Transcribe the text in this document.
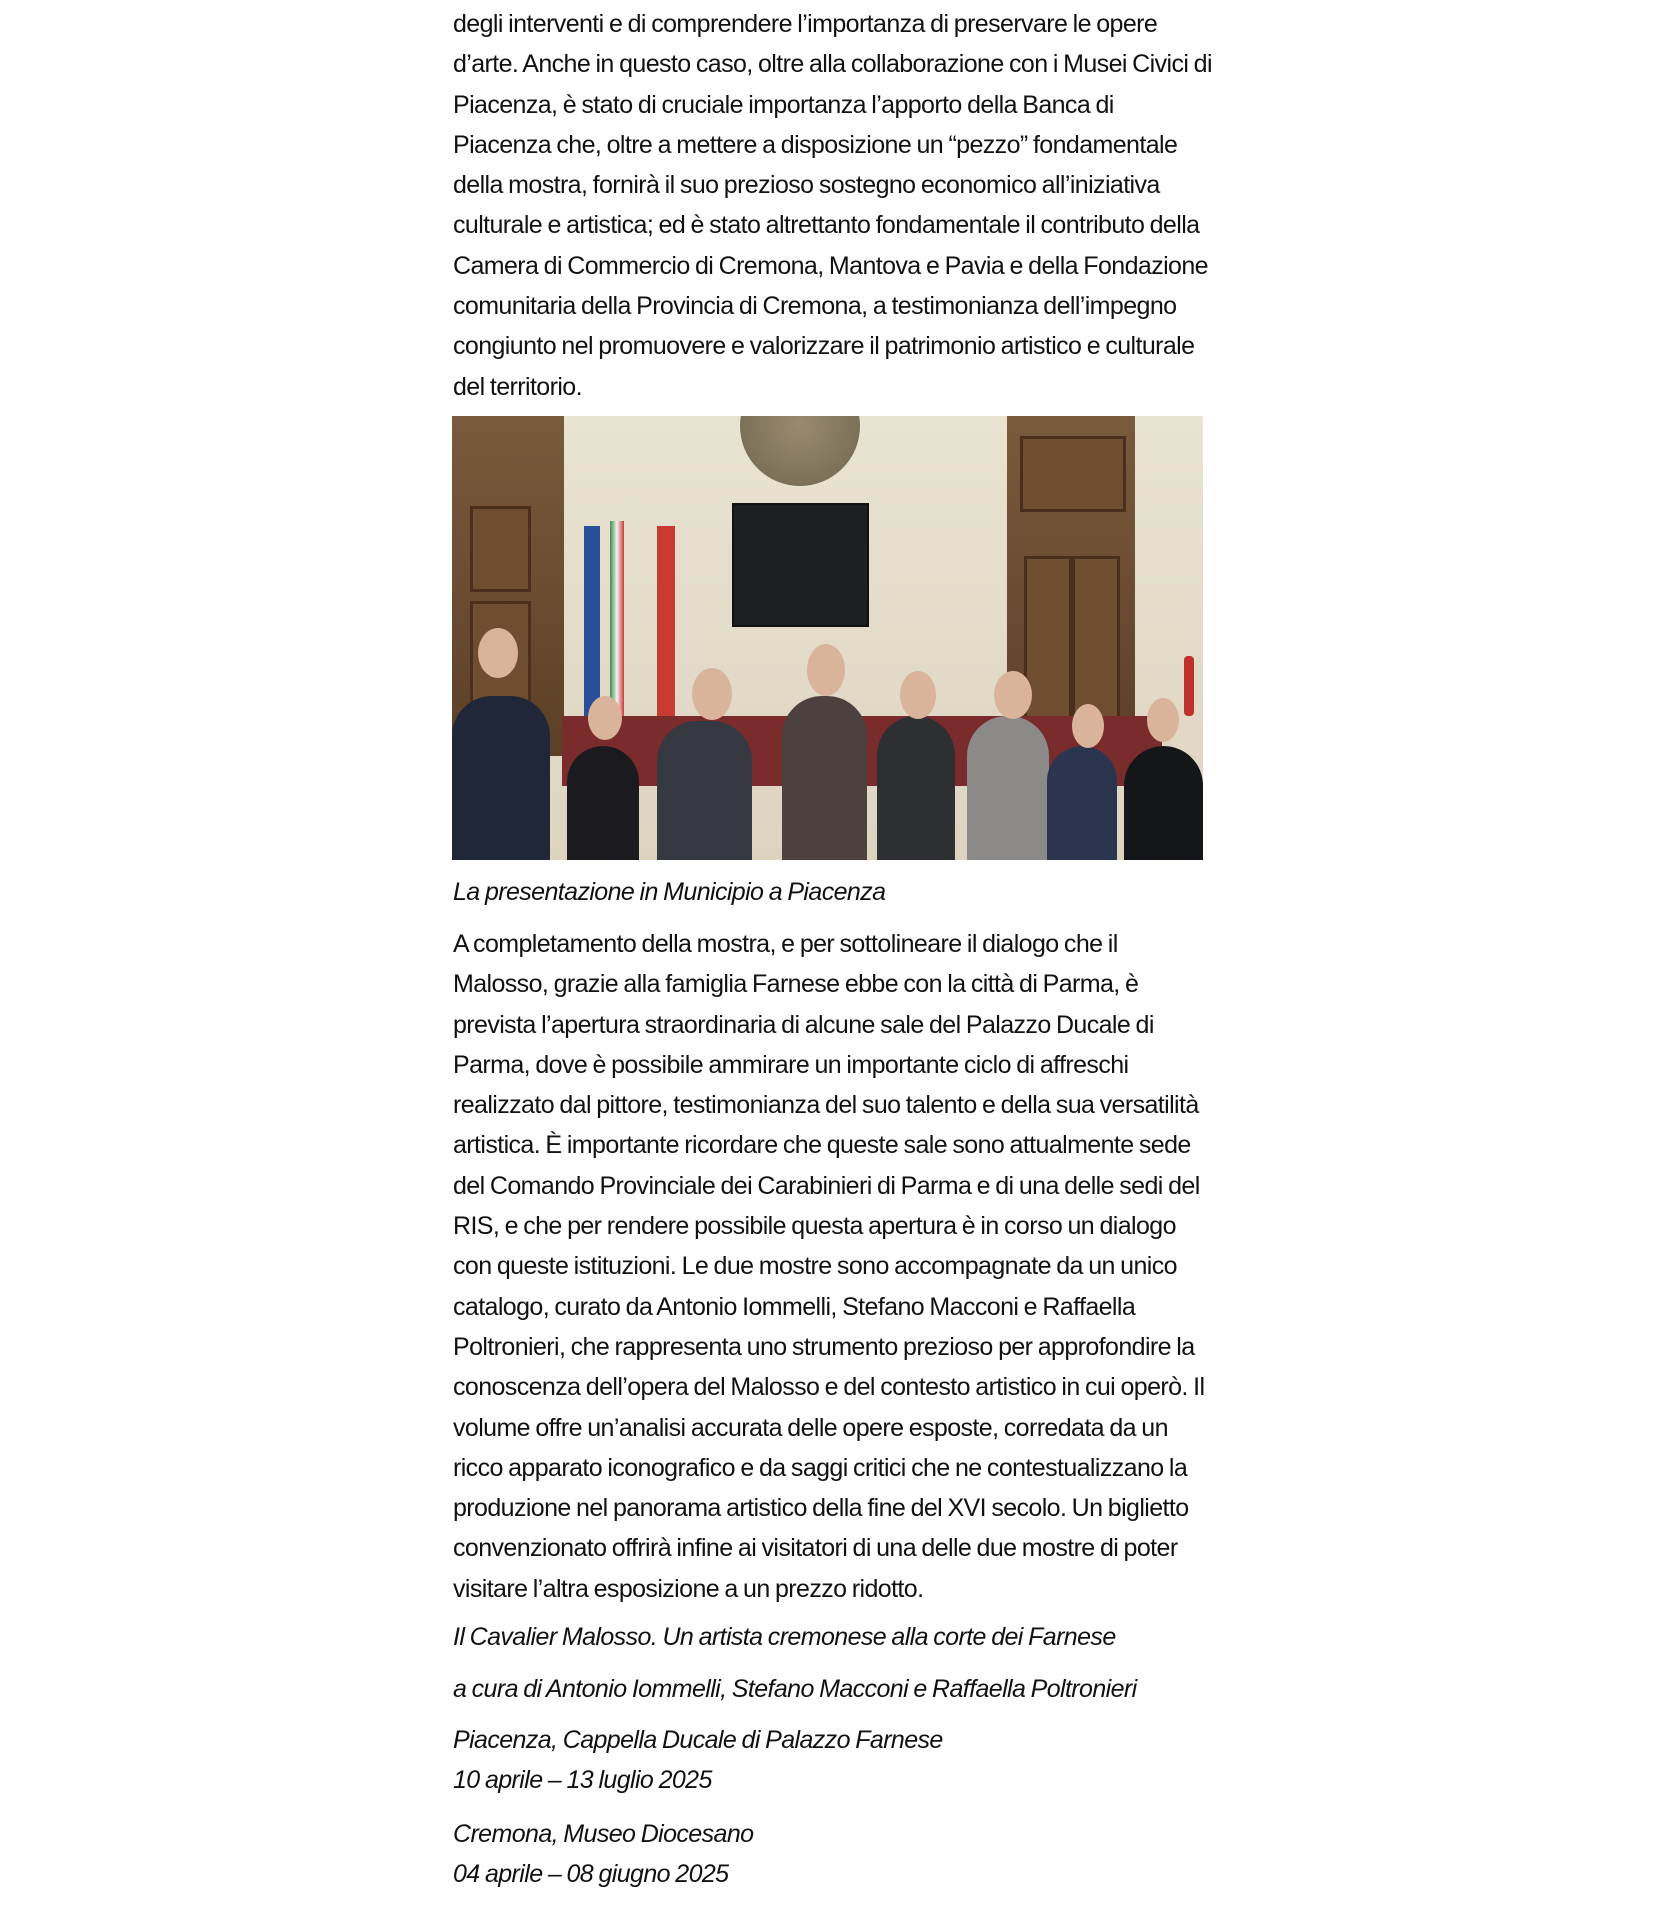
degli interventi e di comprendere l’importanza di preservare le opere
d’arte. Anche in questo caso, oltre alla collaborazione con i Musei Civici di
Piacenza, è stato di cruciale importanza l’apporto della Banca di
Piacenza che, oltre a mettere a disposizione un “pezzo” fondamentale
della mostra, fornirà il suo prezioso sostegno economico all’iniziativa
culturale e artistica; ed è stato altrettanto fondamentale il contributo della
Camera di Commercio di Cremona, Mantova e Pavia e della Fondazione
comunitaria della Provincia di Cremona, a testimonianza dell’impegno
congiunto nel promuovere e valorizzare il patrimonio artistico e culturale
del territorio.

La presentazione in Municipio a Piacenza

A completamento della mostra, e per sottolineare il dialogo che il
Malosso, grazie alla famiglia Farnese ebbe con la città di Parma, è
prevista l’apertura straordinaria di alcune sale del Palazzo Ducale di
Parma, dove è possibile ammirare un importante ciclo di affreschi
realizzato dal pittore, testimonianza del suo talento e della sua versatilità
artistica. È importante ricordare che queste sale sono attualmente sede
del Comando Provinciale dei Carabinieri di Parma e di una delle sedi del
RIS, e che per rendere possibile questa apertura è in corso un dialogo
con queste istituzioni. Le due mostre sono accompagnate da un unico
catalogo, curato da Antonio Iommelli, Stefano Macconi e Raffaella
Poltronieri, che rappresenta uno strumento prezioso per approfondire la
conoscenza dell’opera del Malosso e del contesto artistico in cui operò. Il
volume offre un’analisi accurata delle opere esposte, corredata da un
ricco apparato iconografico e da saggi critici che ne contestualizzano la
produzione nel panorama artistico della fine del XVI secolo. Un biglietto
convenzionato offrirà infine ai visitatori di una delle due mostre di poter
visitare l’altra esposizione a un prezzo ridotto.

Il Cavalier Malosso. Un artista cremonese alla corte dei Farnese

a cura di Antonio Iommelli, Stefano Macconi e Raffaella Poltronieri

Piacenza, Cappella Ducale di Palazzo Farnese
10 aprile – 13 luglio 2025
Cremona, Museo Diocesano
04 aprile – 08 giugno 2025
